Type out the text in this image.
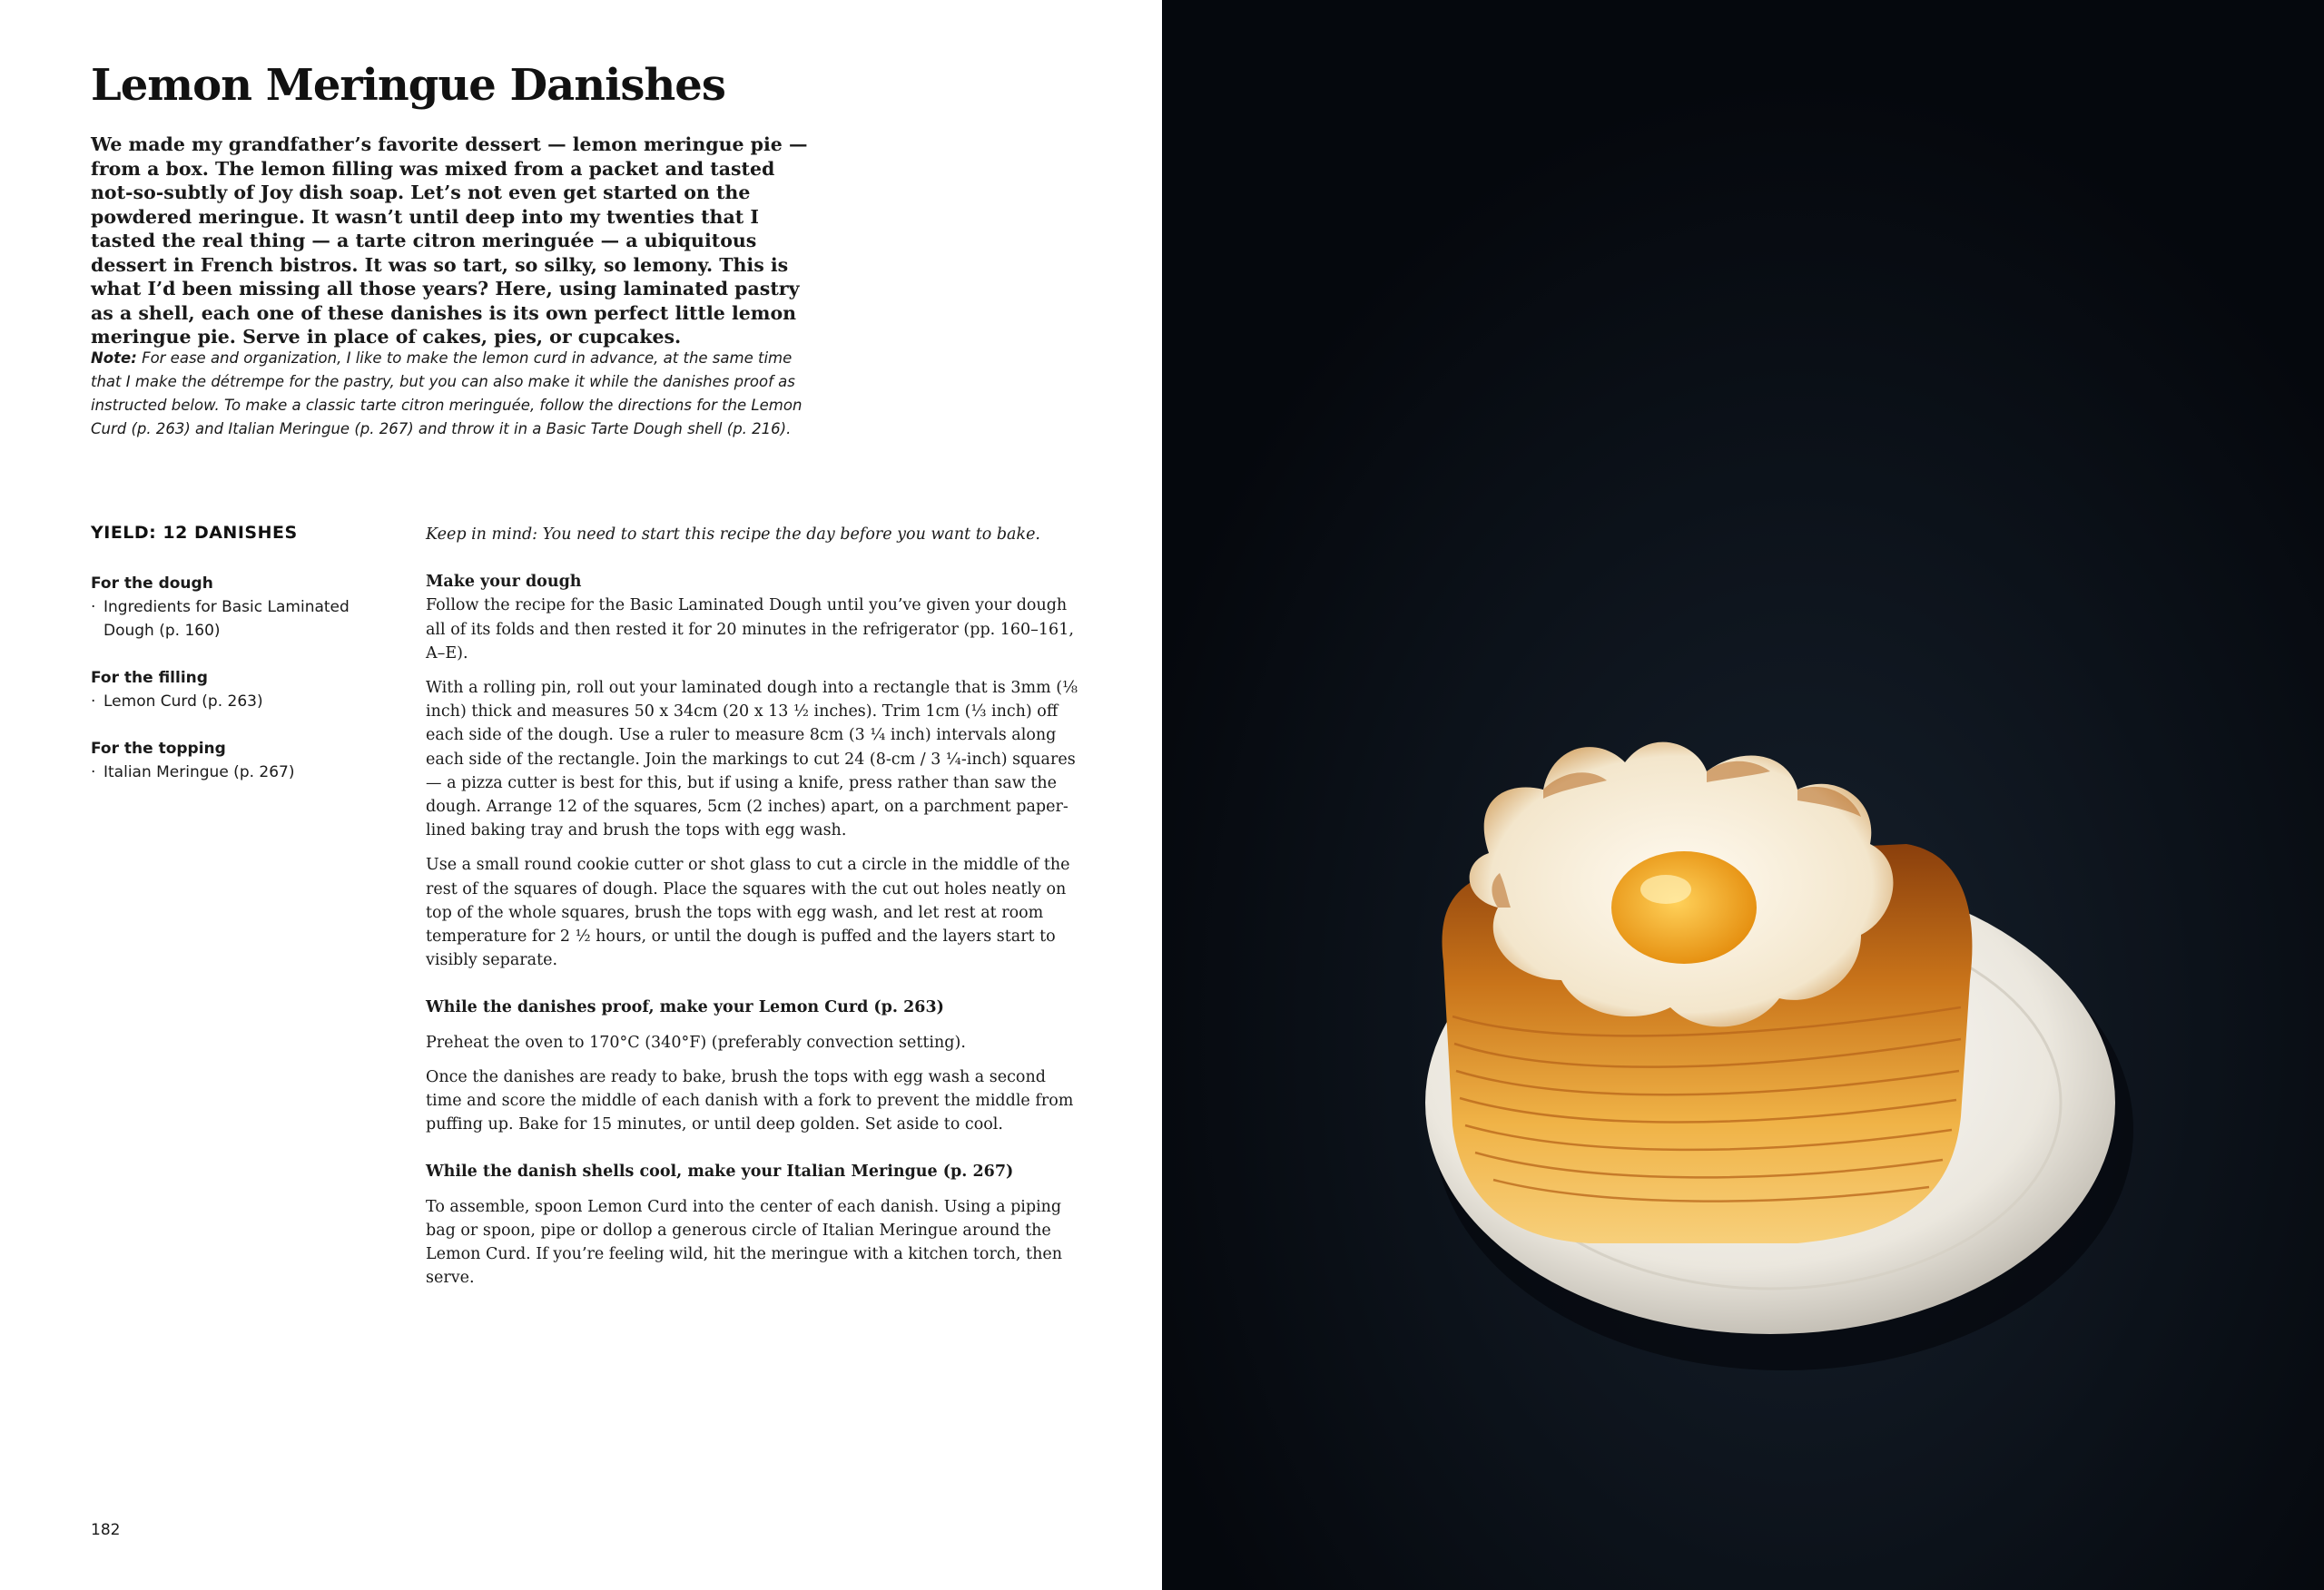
Lemon Meringue Danishes

We made my grandfather’s favorite dessert — lemon meringue pie — from a box. The lemon filling was mixed from a packet and tasted not-so-subtly of Joy dish soap. Let’s not even get started on the powdered meringue. It wasn’t until deep into my twenties that I tasted the real thing — a tarte citron meringuée — a ubiquitous dessert in French bistros. It was so tart, so silky, so lemony. This is what I’d been missing all those years? Here, using laminated pastry as a shell, each one of these danishes is its own perfect little lemon meringue pie. Serve in place of cakes, pies, or cupcakes.

Note: For ease and organization, I like to make the lemon curd in advance, at the same time that I make the détrempe for the pastry, but you can also make it while the danishes proof as instructed below. To make a classic tarte citron meringuée, follow the directions for the Lemon Curd (p. 263) and Italian Meringue (p. 267) and throw it in a Basic Tarte Dough shell (p. 216).

YIELD: 12 DANISHES
For the dough
· Ingredients for Basic Laminated Dough (p. 160)
For the filling
· Lemon Curd (p. 263)
For the topping
· Italian Meringue (p. 267)
Keep in mind: You need to start this recipe the day before you want to bake.
Make your dough

Follow the recipe for the Basic Laminated Dough until you’ve given your dough all of its folds and then rested it for 20 minutes in the refrigerator (pp. 160–161, A–E).

With a rolling pin, roll out your laminated dough into a rectangle that is 3mm (⅛ inch) thick and measures 50 x 34cm (20 x 13 ½ inches). Trim 1cm (⅓ inch) off each side of the dough. Use a ruler to measure 8cm (3 ¼ inch) intervals along each side of the rectangle. Join the markings to cut 24 (8-cm / 3 ¼-inch) squares — a pizza cutter is best for this, but if using a knife, press rather than saw the dough. Arrange 12 of the squares, 5cm (2 inches) apart, on a parchment paper-lined baking tray and brush the tops with egg wash.

Use a small round cookie cutter or shot glass to cut a circle in the middle of the rest of the squares of dough. Place the squares with the cut out holes neatly on top of the whole squares, brush the tops with egg wash, and let rest at room temperature for 2 ½ hours, or until the dough is puffed and the layers start to visibly separate.

While the danishes proof, make your Lemon Curd (p. 263)

Preheat the oven to 170°C (340°F) (preferably convection setting).

Once the danishes are ready to bake, brush the tops with egg wash a second time and score the middle of each danish with a fork to prevent the middle from puffing up. Bake for 15 minutes, or until deep golden. Set aside to cool.

While the danish shells cool, make your Italian Meringue (p. 267)

To assemble, spoon Lemon Curd into the center of each danish. Using a piping bag or spoon, pipe or dollop a generous circle of Italian Meringue around the Lemon Curd. If you’re feeling wild, hit the meringue with a kitchen torch, then serve.

182
